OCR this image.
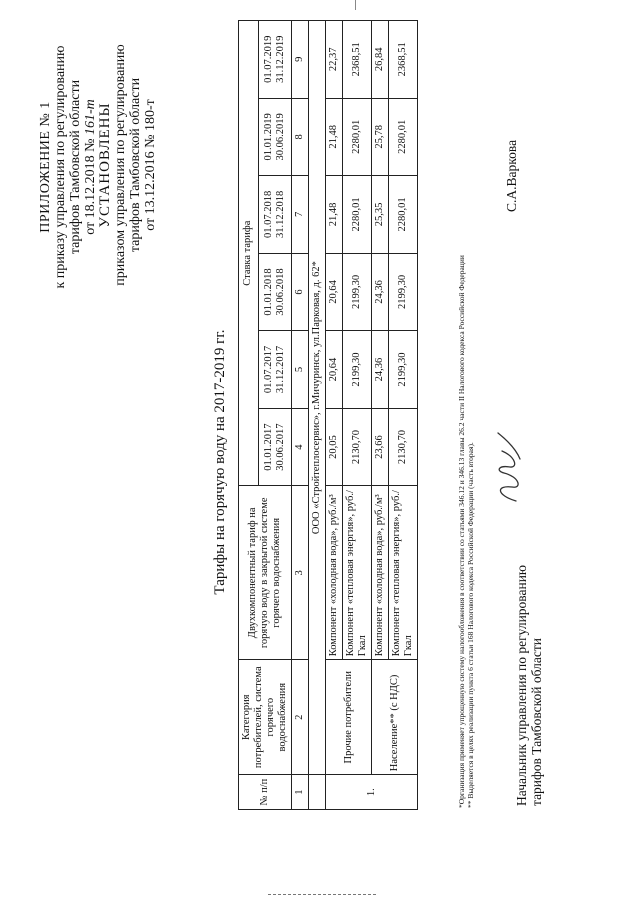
ПРИЛОЖЕНИЕ № 1 к приказу управления по регулированию тарифов Тамбовской области от 18.12.2018 № 161-т УСТАНОВЛЕНЫ приказом управления по регулированию тарифов Тамбовской области от 13.12.2016 № 180-т
Тарифы на горячую воду на 2017-2019 гг.
№ п/п	Категория потребителей, система горячего водоснабжения	Двухкомпонентный тариф на горячую воду в закрытой системе горячего водоснабжения	Ставка тарифа					
			01.01.2017 30.06.2017	01.07.2017 31.12.2017	01.01.2018 30.06.2018	01.07.2018 31.12.2018	01.01.2019 30.06.2019	01.07.2019 31.12.2019
1	2	3	4	5	6	7	8	9
	ООО «Стройтеплосервис», г.Мичуринск, ул.Парковая, д. 62*							
1.	Прочие потребители	Компонент «холодная вода», руб./м³	20,05	20,64	20,64	21,48	21,48	22,37
		Компонент «тепловая энергия», руб./Гкал	2130,70	2199,30	2199,30	2280,01	2280,01	2368,51
	Население** (с НДС)	Компонент «холодная вода», руб./м³	23,66	24,36	24,36	25,35	25,78	26,84
		Компонент «тепловая энергия», руб./Гкал	2130,70	2199,30	2199,30	2280,01	2280,01	2368,51
*Организация применяет упрощенную систему налогообложения в соответствии со статьями 346.12 и 346.13 главы 26.2 части II Налогового кодекса Российской Федерации ** Выделяется в целях реализации пункта 6 статьи 168 Налогового кодекса Российской Федерации (часть вторая).	Начальник управления по регулированию тарифов Тамбовской области
С.А.Варкова
